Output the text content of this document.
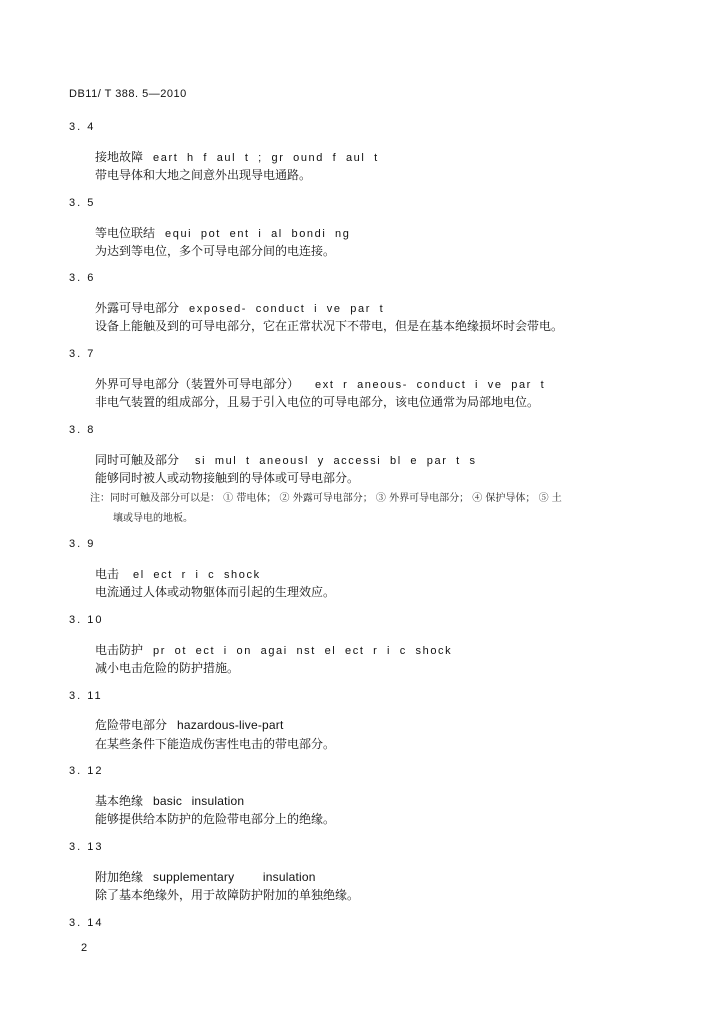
DB11/ T 388. 5—2010
3. 4
接地故障 eart h f aul t ; gr ound f aul t
带电导体和大地之间意外出现导电通路。
3. 5
等电位联结 equi pot ent i al bondi ng
为达到等电位，多个可导电部分间的电连接。
3. 6
外露可导电部分 exposed- conduct i ve par t
设备上能触及到的可导电部分，它在正常状况下不带电，但是在基本绝缘损坏时会带电。
3. 7
外界可导电部分（装置外可导电部分） ext r aneous- conduct i ve par t
非电气装置的组成部分，且易于引入电位的可导电部分，该电位通常为局部地电位。
3. 8
同时可触及部分 si mul t aneousl y accessi bl e par t s
能够同时被人或动物接触到的导体或可导电部分。
注：同时可触及部分可以是： ① 带电体； ② 外露可导电部分； ③ 外界可导电部分； ④ 保护导体； ⑤ 土
壤或导电的地板。
3. 9
电击 el ect r i c shock
电流通过人体或动物躯体而引起的生理效应。
3. 10
电击防护 pr ot ect i on agai nst el ect r i c shock
减小电击危险的防护措施。
3. 11
危险带电部分 hazardous-live-part
在某些条件下能造成伤害性电击的带电部分。
3. 12
基本绝缘 basic insulation
能够提供给本防护的危险带电部分上的绝缘。
3. 13
附加绝缘 supplementary   insulation
除了基本绝缘外，用于故障防护附加的单独绝缘。
3. 14
2
